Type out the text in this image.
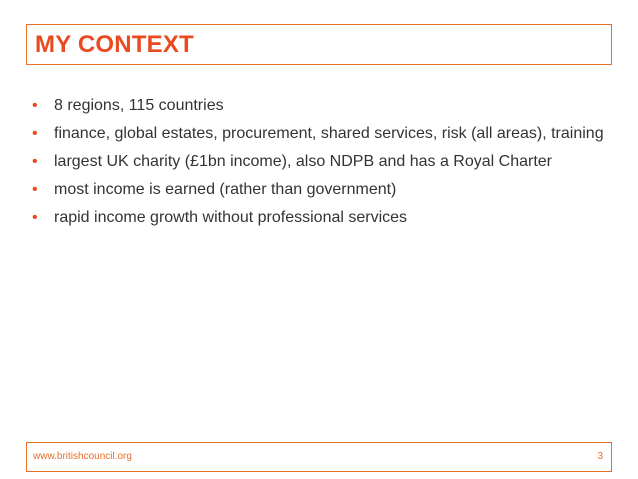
MY CONTEXT
• 8 regions, 115 countries
• finance, global estates, procurement, shared services, risk (all areas), training
• largest UK charity (£1bn income), also NDPB and has a Royal Charter
• most income is earned (rather than government)
• rapid income growth without professional services
www.britishcouncil.org	3
